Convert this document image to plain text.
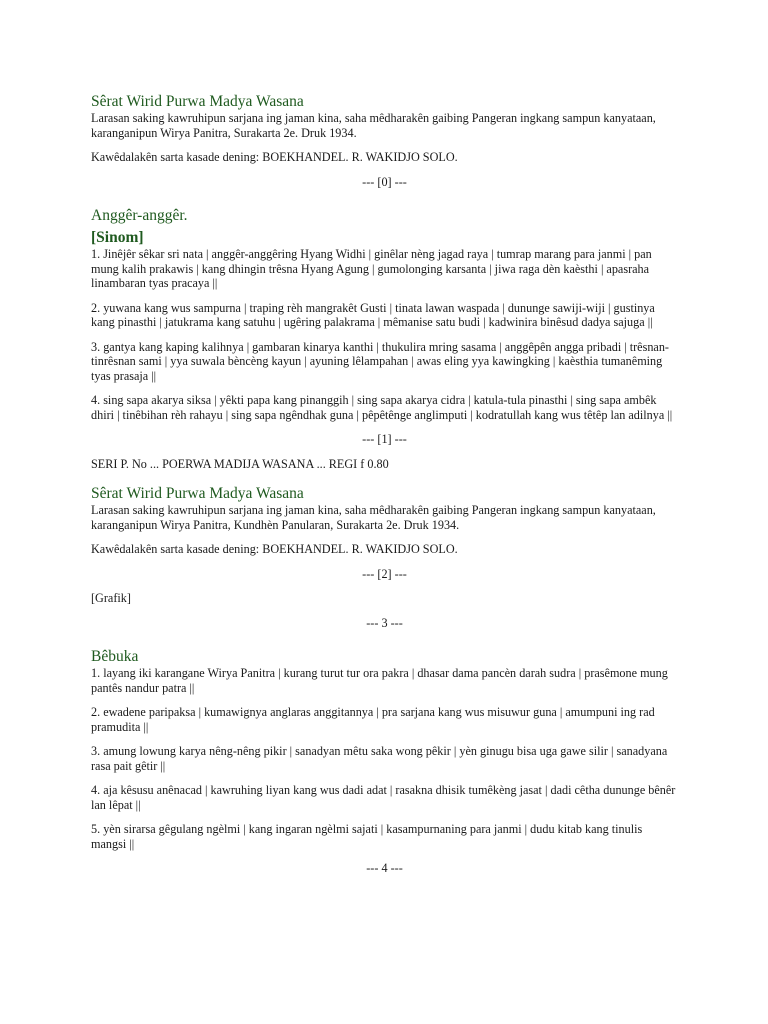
Sêrat Wirid Purwa Madya Wasana

Larasan saking kawruhipun sarjana ing jaman kina, saha mêdharakên gaibing Pangeran ingkang sampun kanyataan, karanganipun Wirya Panitra, Surakarta 2e. Druk 1934.

Kawêdalakên sarta kasade dening: BOEKHANDEL. R. WAKIDJO SOLO.

--- [0] ---

Anggêr-anggêr.
[Sinom]

1. Jinêjêr sêkar sri nata | anggêr-anggêring Hyang Widhi | ginêlar nèng jagad raya | tumrap marang para janmi | pan mung kalih prakawis | kang dhingin trêsna Hyang Agung | gumolonging karsanta | jiwa raga dèn kaèsthi | apasraha linambaran tyas pracaya ||

2. yuwana kang wus sampurna | traping rèh mangrakêt Gusti | tinata lawan waspada | dununge sawiji-wiji | gustinya kang pinasthi | jatukrama kang satuhu | ugêring palakrama | mêmanise satu budi | kadwinira binêsud dadya sajuga ||

3. gantya kang kaping kalihnya | gambaran kinarya kanthi | thukulira mring sasama | anggêpên angga pribadi | trêsnan-tinrêsnan sami | yya suwala bèncèng kayun | ayuning lêlampahan | awas eling yya kawingking | kaèsthia tumanêming tyas prasaja ||

4. sing sapa akarya siksa | yêkti papa kang pinanggih | sing sapa akarya cidra | katula-tula pinasthi | sing sapa ambêk dhiri | tinêbihan rèh rahayu | sing sapa ngêndhak guna | pêpêtênge anglimputi | kodratullah kang wus têtêp lan adilnya ||

--- [1] ---

SERI P. No ... POERWA MADIJA WASANA ... REGI f 0.80

Sêrat Wirid Purwa Madya Wasana

Larasan saking kawruhipun sarjana ing jaman kina, saha mêdharakên gaibing Pangeran ingkang sampun kanyataan, karanganipun Wirya Panitra, Kundhèn Panularan, Surakarta 2e. Druk 1934.

Kawêdalakên sarta kasade dening: BOEKHANDEL. R. WAKIDJO SOLO.

--- [2] ---

[Grafik]

--- 3 ---

Bêbuka

1. layang iki karangane Wirya Panitra | kurang turut tur ora pakra | dhasar dama pancèn darah sudra | prasêmone mung pantês nandur patra ||

2. ewadene paripaksa | kumawignya anglaras anggitannya | pra sarjana kang wus misuwur guna | amumpuni ing rad pramudita ||

3. amung lowung karya nêng-nêng pikir | sanadyan mêtu saka wong pêkir | yèn ginugu bisa uga gawe silir | sanadyana rasa pait gêtir ||

4. aja kêsusu anênacad | kawruhing liyan kang wus dadi adat | rasakna dhisik tumêkèng jasat | dadi cêtha dunungе bênêr lan lêpat ||

5. yèn sirarsa gêgulang ngèlmi | kang ingaran ngèlmi sajati | kasampurnaning para janmi | dudu kitab kang tinulis mangsi ||

--- 4 ---
